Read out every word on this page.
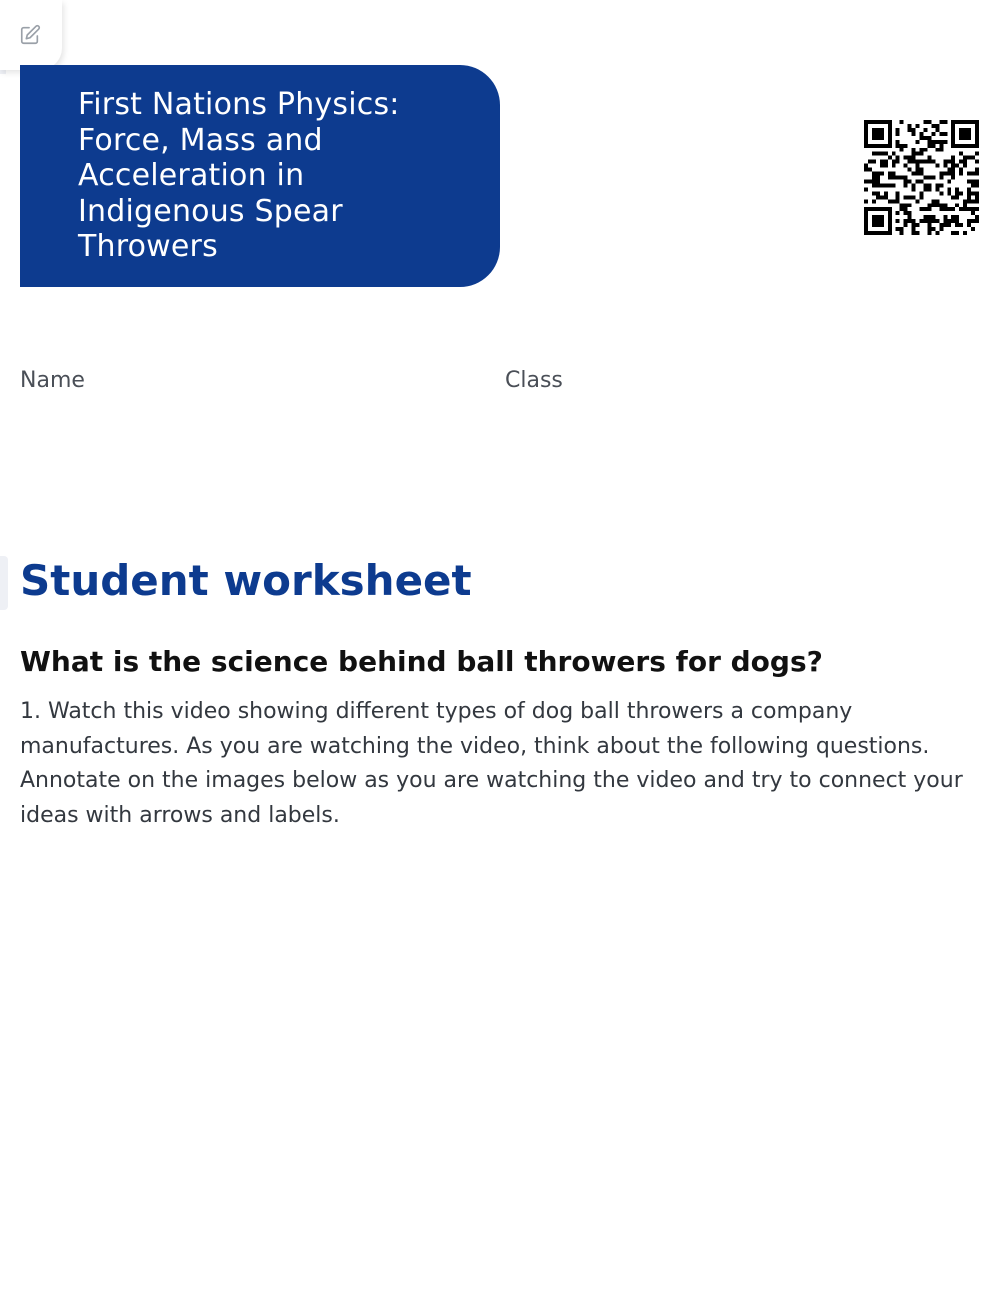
First Nations Physics: Force, Mass and Acceleration in Indigenous Spear Throwers
Name	Class
Student worksheet
What is the science behind ball throwers for dogs?

1. Watch this video showing different types of dog ball throwers a company manufactures. As you are watching the video, think about the following questions. Annotate on the images below as you are watching the video and try to connect your ideas with arrows and labels.
